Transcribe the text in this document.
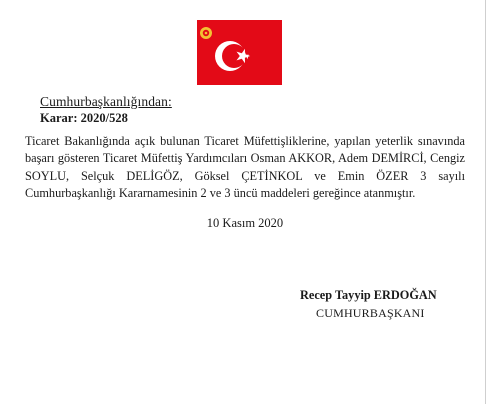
Cumhurbaşkanlığından:
Karar: 2020/528
Ticaret Bakanlığında açık bulunan Ticaret Müfettişliklerine, yapılan yeterlik sınavında başarı gösteren Ticaret Müfettiş Yardımcıları Osman AKKOR, Adem DEMİRCİ, Cengiz SOYLU, Selçuk DELİGÖZ, Göksel ÇETİNKOL ve Emin ÖZER 3 sayılı Cumhurbaşkanlığı Kararnamesinin 2 ve 3 üncü maddeleri gereğince atanmıştır.
10 Kasım 2020
Recep Tayyip ERDOĞAN
CUMHURBAŞKANI
